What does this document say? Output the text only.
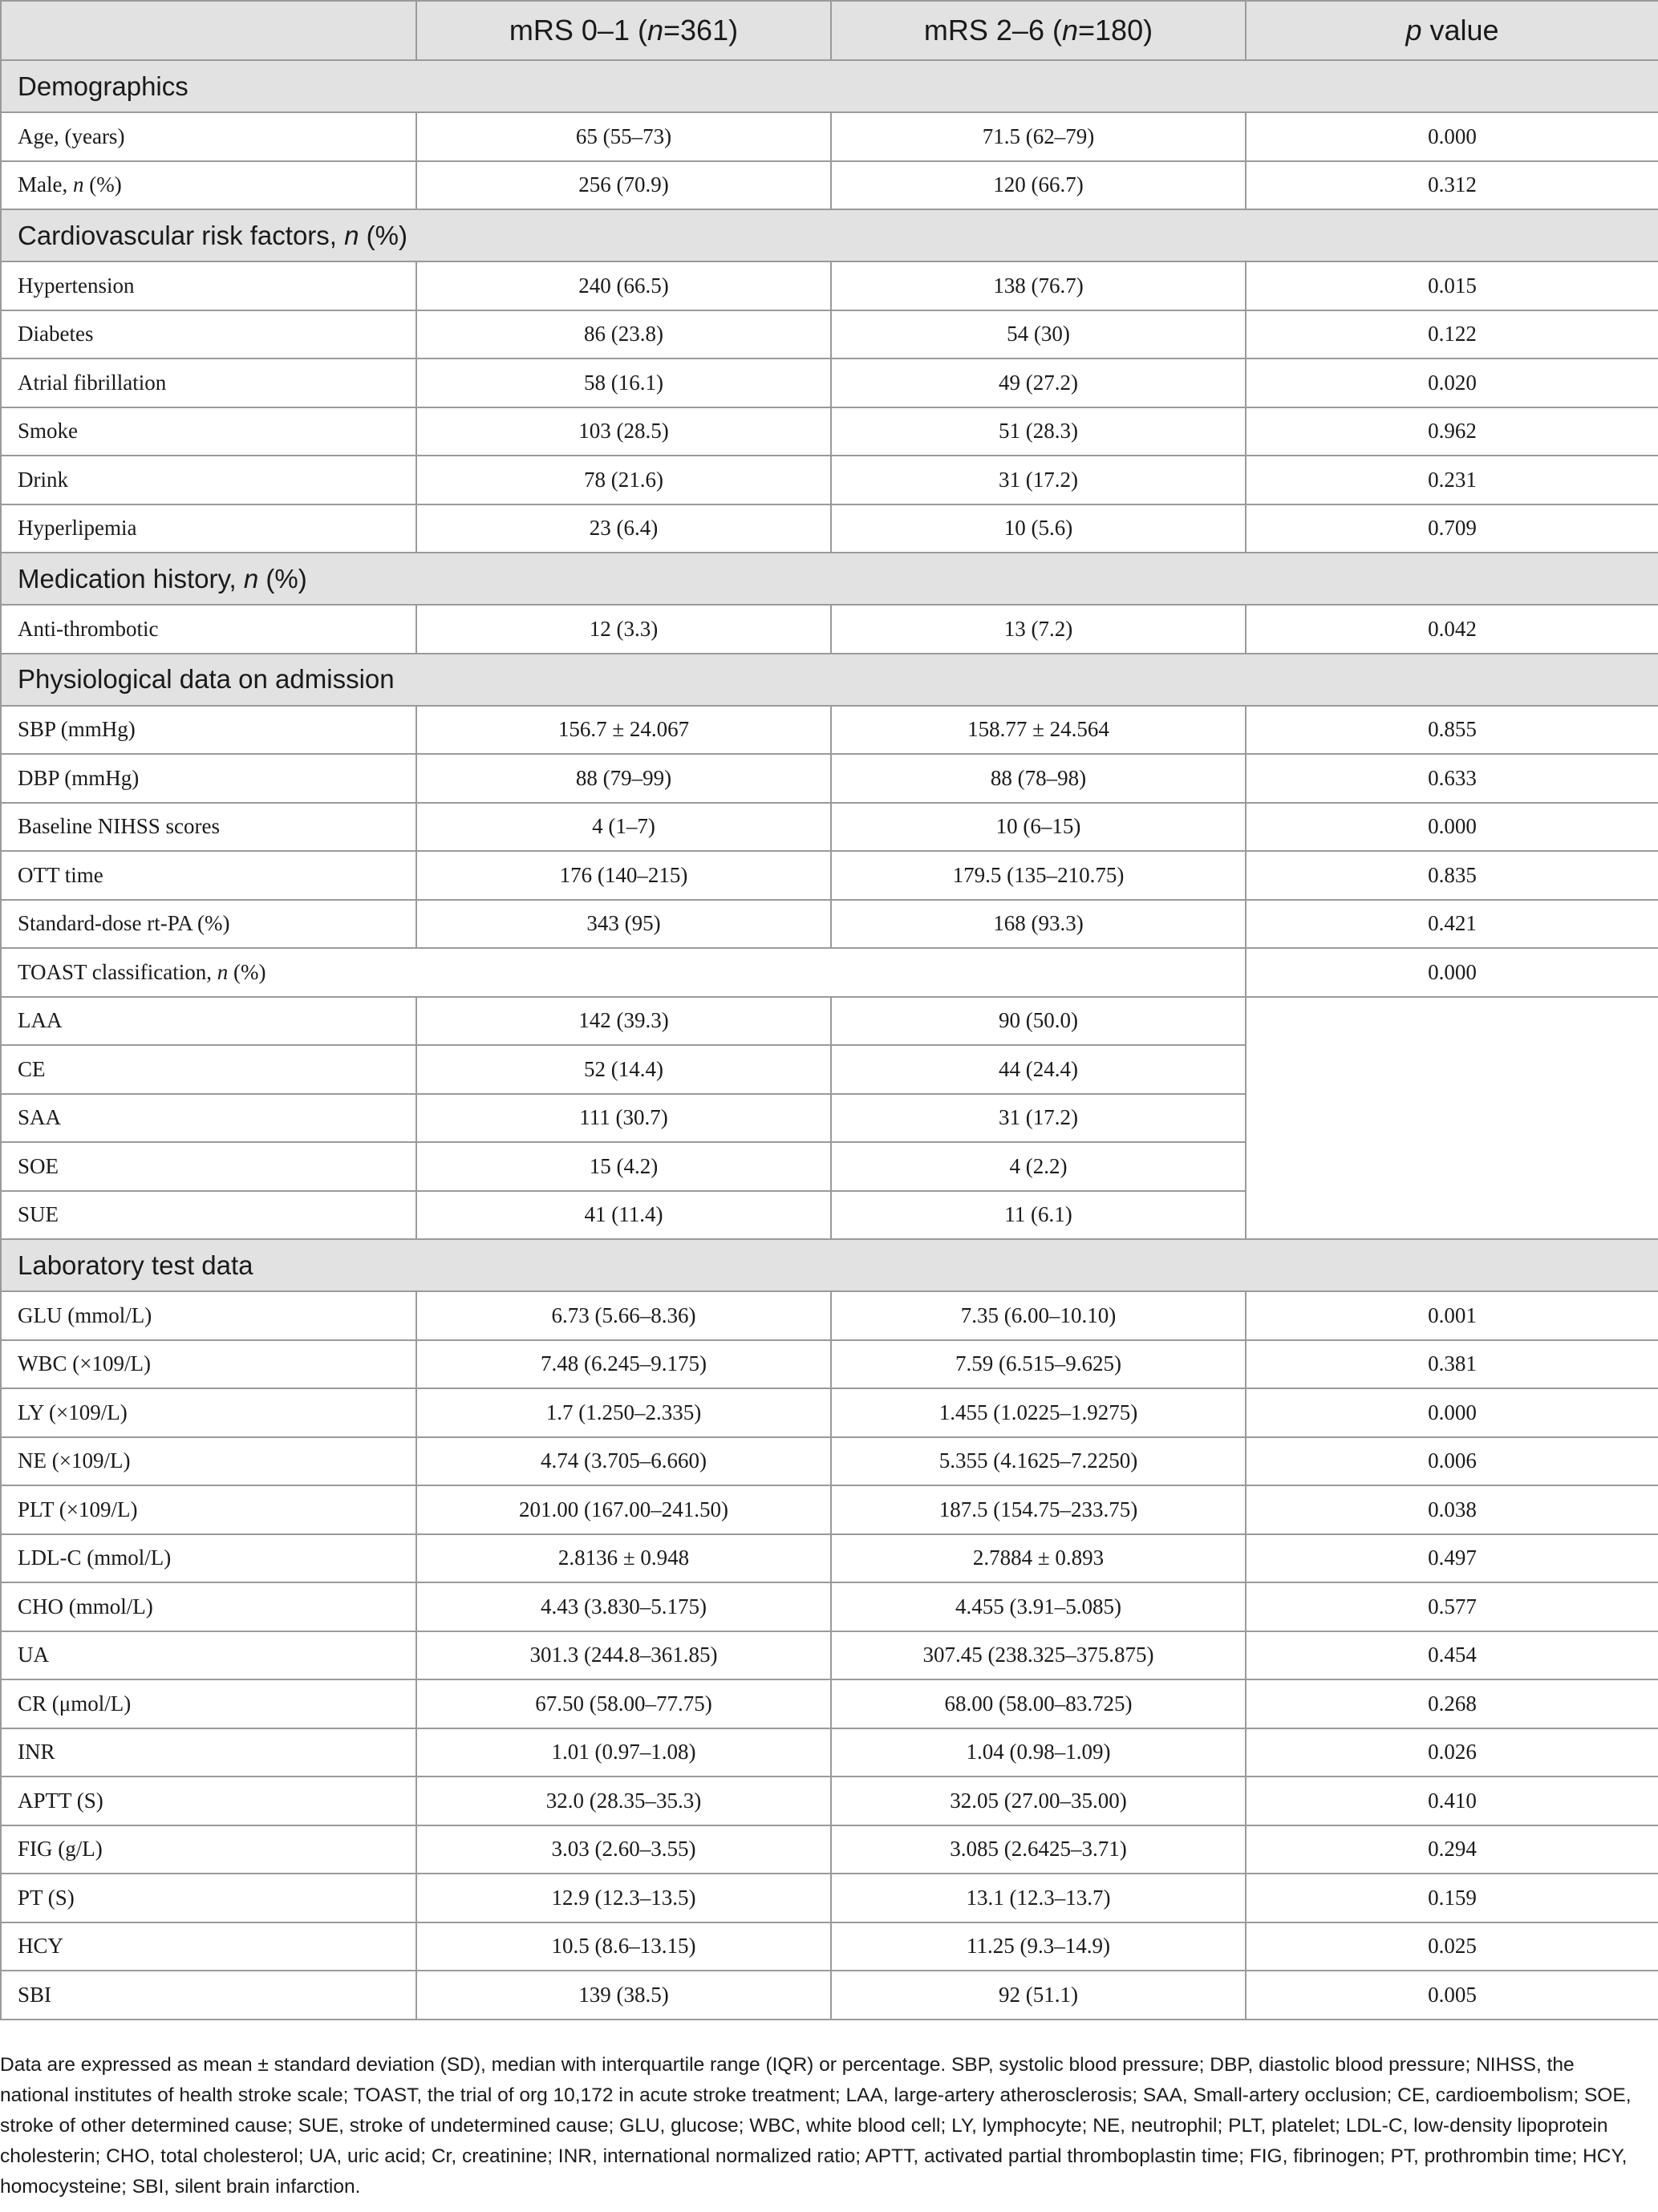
	mRS 0–1 (n=361)	mRS 2–6 (n=180)	p value
Demographics			
Age, (years)	65 (55–73)	71.5 (62–79)	0.000
Male, n (%)	256 (70.9)	120 (66.7)	0.312
Cardiovascular risk factors, n (%)			
Hypertension	240 (66.5)	138 (76.7)	0.015
Diabetes	86 (23.8)	54 (30)	0.122
Atrial fibrillation	58 (16.1)	49 (27.2)	0.020
Smoke	103 (28.5)	51 (28.3)	0.962
Drink	78 (21.6)	31 (17.2)	0.231
Hyperlipemia	23 (6.4)	10 (5.6)	0.709
Medication history, n (%)			
Anti-thrombotic	12 (3.3)	13 (7.2)	0.042
Physiological data on admission			
SBP (mmHg)	156.7 ± 24.067	158.77 ± 24.564	0.855
DBP (mmHg)	88 (79–99)	88 (78–98)	0.633
Baseline NIHSS scores	4 (1–7)	10 (6–15)	0.000
OTT time	176 (140–215)	179.5 (135–210.75)	0.835
Standard-dose rt-PA (%)	343 (95)	168 (93.3)	0.421
TOAST classification, n (%)			0.000
LAA	142 (39.3)	90 (50.0)	
CE	52 (14.4)	44 (24.4)	
SAA	111 (30.7)	31 (17.2)	
SOE	15 (4.2)	4 (2.2)	
SUE	41 (11.4)	11 (6.1)	
Laboratory test data			
GLU (mmol/L)	6.73 (5.66–8.36)	7.35 (6.00–10.10)	0.001
WBC (×109/L)	7.48 (6.245–9.175)	7.59 (6.515–9.625)	0.381
LY (×109/L)	1.7 (1.250–2.335)	1.455 (1.0225–1.9275)	0.000
NE (×109/L)	4.74 (3.705–6.660)	5.355 (4.1625–7.2250)	0.006
PLT (×109/L)	201.00 (167.00–241.50)	187.5 (154.75–233.75)	0.038
LDL-C (mmol/L)	2.8136 ± 0.948	2.7884 ± 0.893	0.497
CHO (mmol/L)	4.43 (3.830–5.175)	4.455 (3.91–5.085)	0.577
UA	301.3 (244.8–361.85)	307.45 (238.325–375.875)	0.454
CR (μmol/L)	67.50 (58.00–77.75)	68.00 (58.00–83.725)	0.268
INR	1.01 (0.97–1.08)	1.04 (0.98–1.09)	0.026
APTT (S)	32.0 (28.35–35.3)	32.05 (27.00–35.00)	0.410
FIG (g/L)	3.03 (2.60–3.55)	3.085 (2.6425–3.71)	0.294
PT (S)	12.9 (12.3–13.5)	13.1 (12.3–13.7)	0.159
HCY	10.5 (8.6–13.15)	11.25 (9.3–14.9)	0.025
SBI	139 (38.5)	92 (51.1)	0.005

Data are expressed as mean ± standard deviation (SD), median with interquartile range (IQR) or percentage. SBP, systolic blood pressure; DBP, diastolic blood pressure; NIHSS, the national institutes of health stroke scale; TOAST, the trial of org 10,172 in acute stroke treatment; LAA, large-artery atherosclerosis; SAA, Small-artery occlusion; CE, cardioembolism; SOE, stroke of other determined cause; SUE, stroke of undetermined cause; GLU, glucose; WBC, white blood cell; LY, lymphocyte; NE, neutrophil; PLT, platelet; LDL-C, low-density lipoprotein cholesterin; CHO, total cholesterol; UA, uric acid; Cr, creatinine; INR, international normalized ratio; APTT, activated partial thromboplastin time; FIG, fibrinogen; PT, prothrombin time; HCY, homocysteine; SBI, silent brain infarction.
